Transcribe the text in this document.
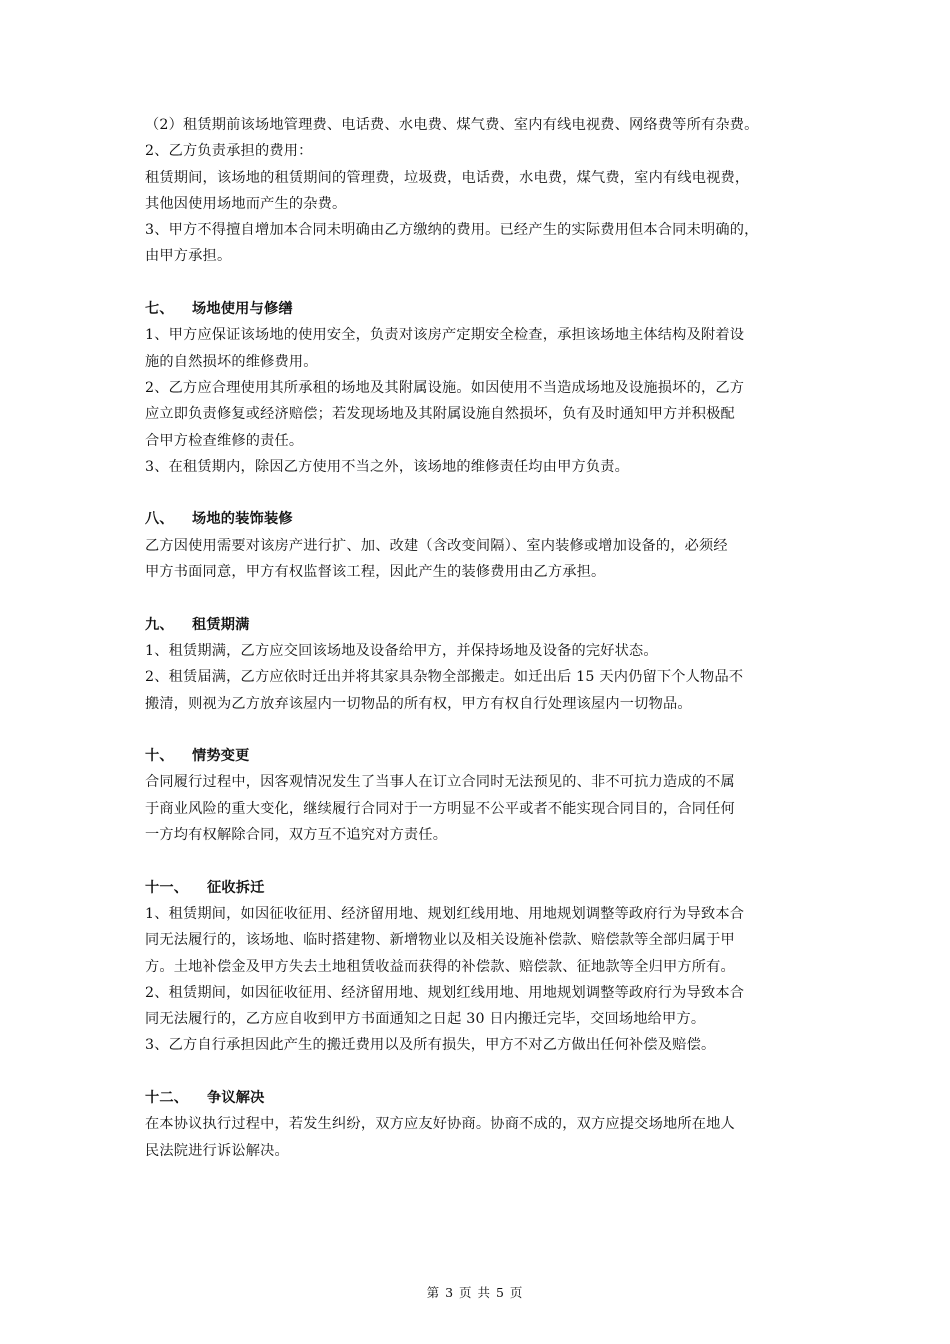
（2）租赁期前该场地管理费、电话费、水电费、煤气费、室内有线电视费、网络费等所有杂费。
2、乙方负责承担的费用：
租赁期间，该场地的租赁期间的管理费，垃圾费，电话费，水电费，煤气费，室内有线电视费，
其他因使用场地而产生的杂费。
3、甲方不得擅自增加本合同未明确由乙方缴纳的费用。已经产生的实际费用但本合同未明确的，
由甲方承担。
七、 场地使用与修缮
1、甲方应保证该场地的使用安全，负责对该房产定期安全检查，承担该场地主体结构及附着设
施的自然损坏的维修费用。
2、乙方应合理使用其所承租的场地及其附属设施。如因使用不当造成场地及设施损坏的，乙方
应立即负责修复或经济赔偿；若发现场地及其附属设施自然损坏，负有及时通知甲方并积极配
合甲方检查维修的责任。
3、在租赁期内，除因乙方使用不当之外，该场地的维修责任均由甲方负责。
八、 场地的装饰装修
乙方因使用需要对该房产进行扩、加、改建（含改变间隔）、室内装修或增加设备的，必须经
甲方书面同意，甲方有权监督该工程，因此产生的装修费用由乙方承担。
九、 租赁期满
1、租赁期满，乙方应交回该场地及设备给甲方，并保持场地及设备的完好状态。
2、租赁届满，乙方应依时迁出并将其家具杂物全部搬走。如迁出后 15 天内仍留下个人物品不
搬清，则视为乙方放弃该屋内一切物品的所有权，甲方有权自行处理该屋内一切物品。
十、 情势变更
合同履行过程中，因客观情况发生了当事人在订立合同时无法预见的、非不可抗力造成的不属
于商业风险的重大变化，继续履行合同对于一方明显不公平或者不能实现合同目的，合同任何
一方均有权解除合同，双方互不追究对方责任。
十一、 征收拆迁
1、租赁期间，如因征收征用、经济留用地、规划红线用地、用地规划调整等政府行为导致本合
同无法履行的，该场地、临时搭建物、新增物业以及相关设施补偿款、赔偿款等全部归属于甲
方。土地补偿金及甲方失去土地租赁收益而获得的补偿款、赔偿款、征地款等全归甲方所有。
2、租赁期间，如因征收征用、经济留用地、规划红线用地、用地规划调整等政府行为导致本合
同无法履行的，乙方应自收到甲方书面通知之日起 30 日内搬迁完毕，交回场地给甲方。
3、乙方自行承担因此产生的搬迁费用以及所有损失，甲方不对乙方做出任何补偿及赔偿。
十二、 争议解决
在本协议执行过程中，若发生纠纷，双方应友好协商。协商不成的，双方应提交场地所在地人
民法院进行诉讼解决。
第 3 页 共 5 页
